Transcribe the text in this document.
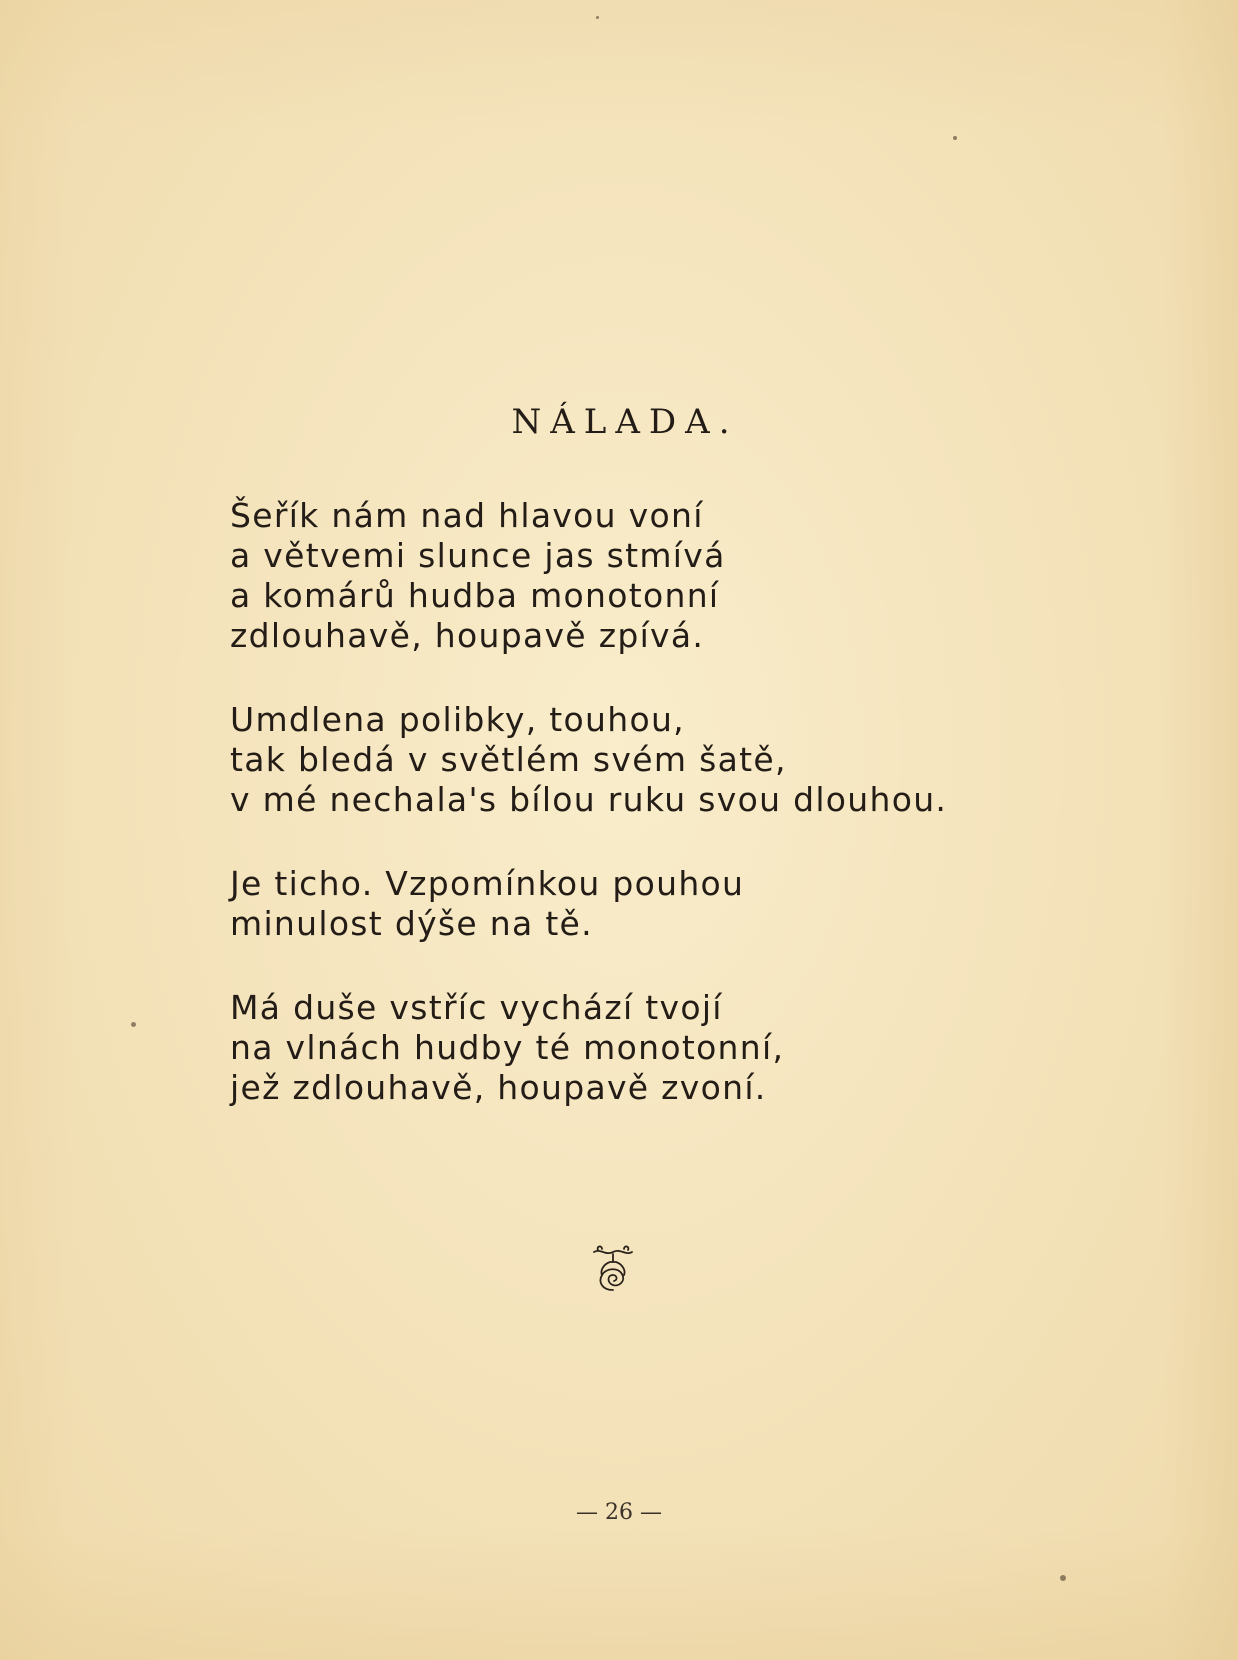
NÁLADA.
Šeřík nám nad hlavou voní
a větvemi slunce jas stmívá
a komárů hudba monotonní
zdlouhavě, houpavě zpívá.
Umdlena polibky, touhou,
tak bledá v světlém svém šatě,
v mé nechala's bílou ruku svou dlouhou.
Je ticho. Vzpomínkou pouhou
minulost dýše na tě.
Má duše vstříc vychází tvojí
na vlnách hudby té monotonní,
jež zdlouhavě, houpavě zvoní.
— 26 —
